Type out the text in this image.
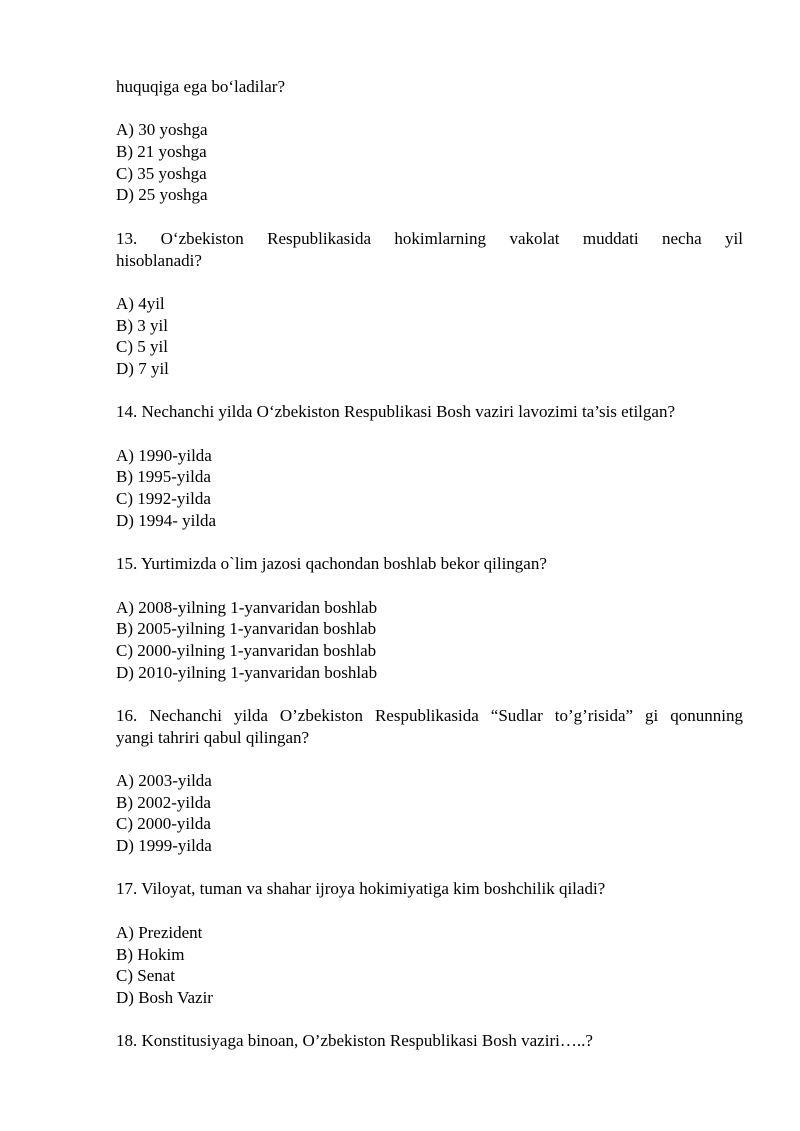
huquqiga ega bo‘ladilar?
A) 30 yoshga
B) 21 yoshga
C) 35 yoshga
D) 25 yoshga
13. O‘zbekiston Respublikasida hokimlarning vakolat muddati necha yil
hisoblanadi?
A) 4yil
B) 3 yil
C) 5 yil
D) 7 yil
14. Nechanchi yilda O‘zbekiston Respublikasi Bosh vaziri lavozimi ta’sis etilgan?
A) 1990-yilda
B) 1995-yilda
C) 1992-yilda
D) 1994- yilda
15. Yurtimizda o`lim jazosi qachondan boshlab bekor qilingan?
A) 2008-yilning 1-yanvaridan boshlab
B) 2005-yilning 1-yanvaridan boshlab
C) 2000-yilning 1-yanvaridan boshlab
D) 2010-yilning 1-yanvaridan boshlab
16. Nechanchi yilda O’zbekiston Respublikasida “Sudlar to’g’risida” gi qonunning
yangi tahriri qabul qilingan?
A) 2003-yilda
B) 2002-yilda
C) 2000-yilda
D) 1999-yilda
17. Viloyat, tuman va shahar ijroya hokimiyatiga kim boshchilik qiladi?
A) Prezident
B) Hokim
C) Senat
D) Bosh Vazir
18. Konstitusiyaga binoan, O’zbekiston Respublikasi Bosh vaziri…..?
